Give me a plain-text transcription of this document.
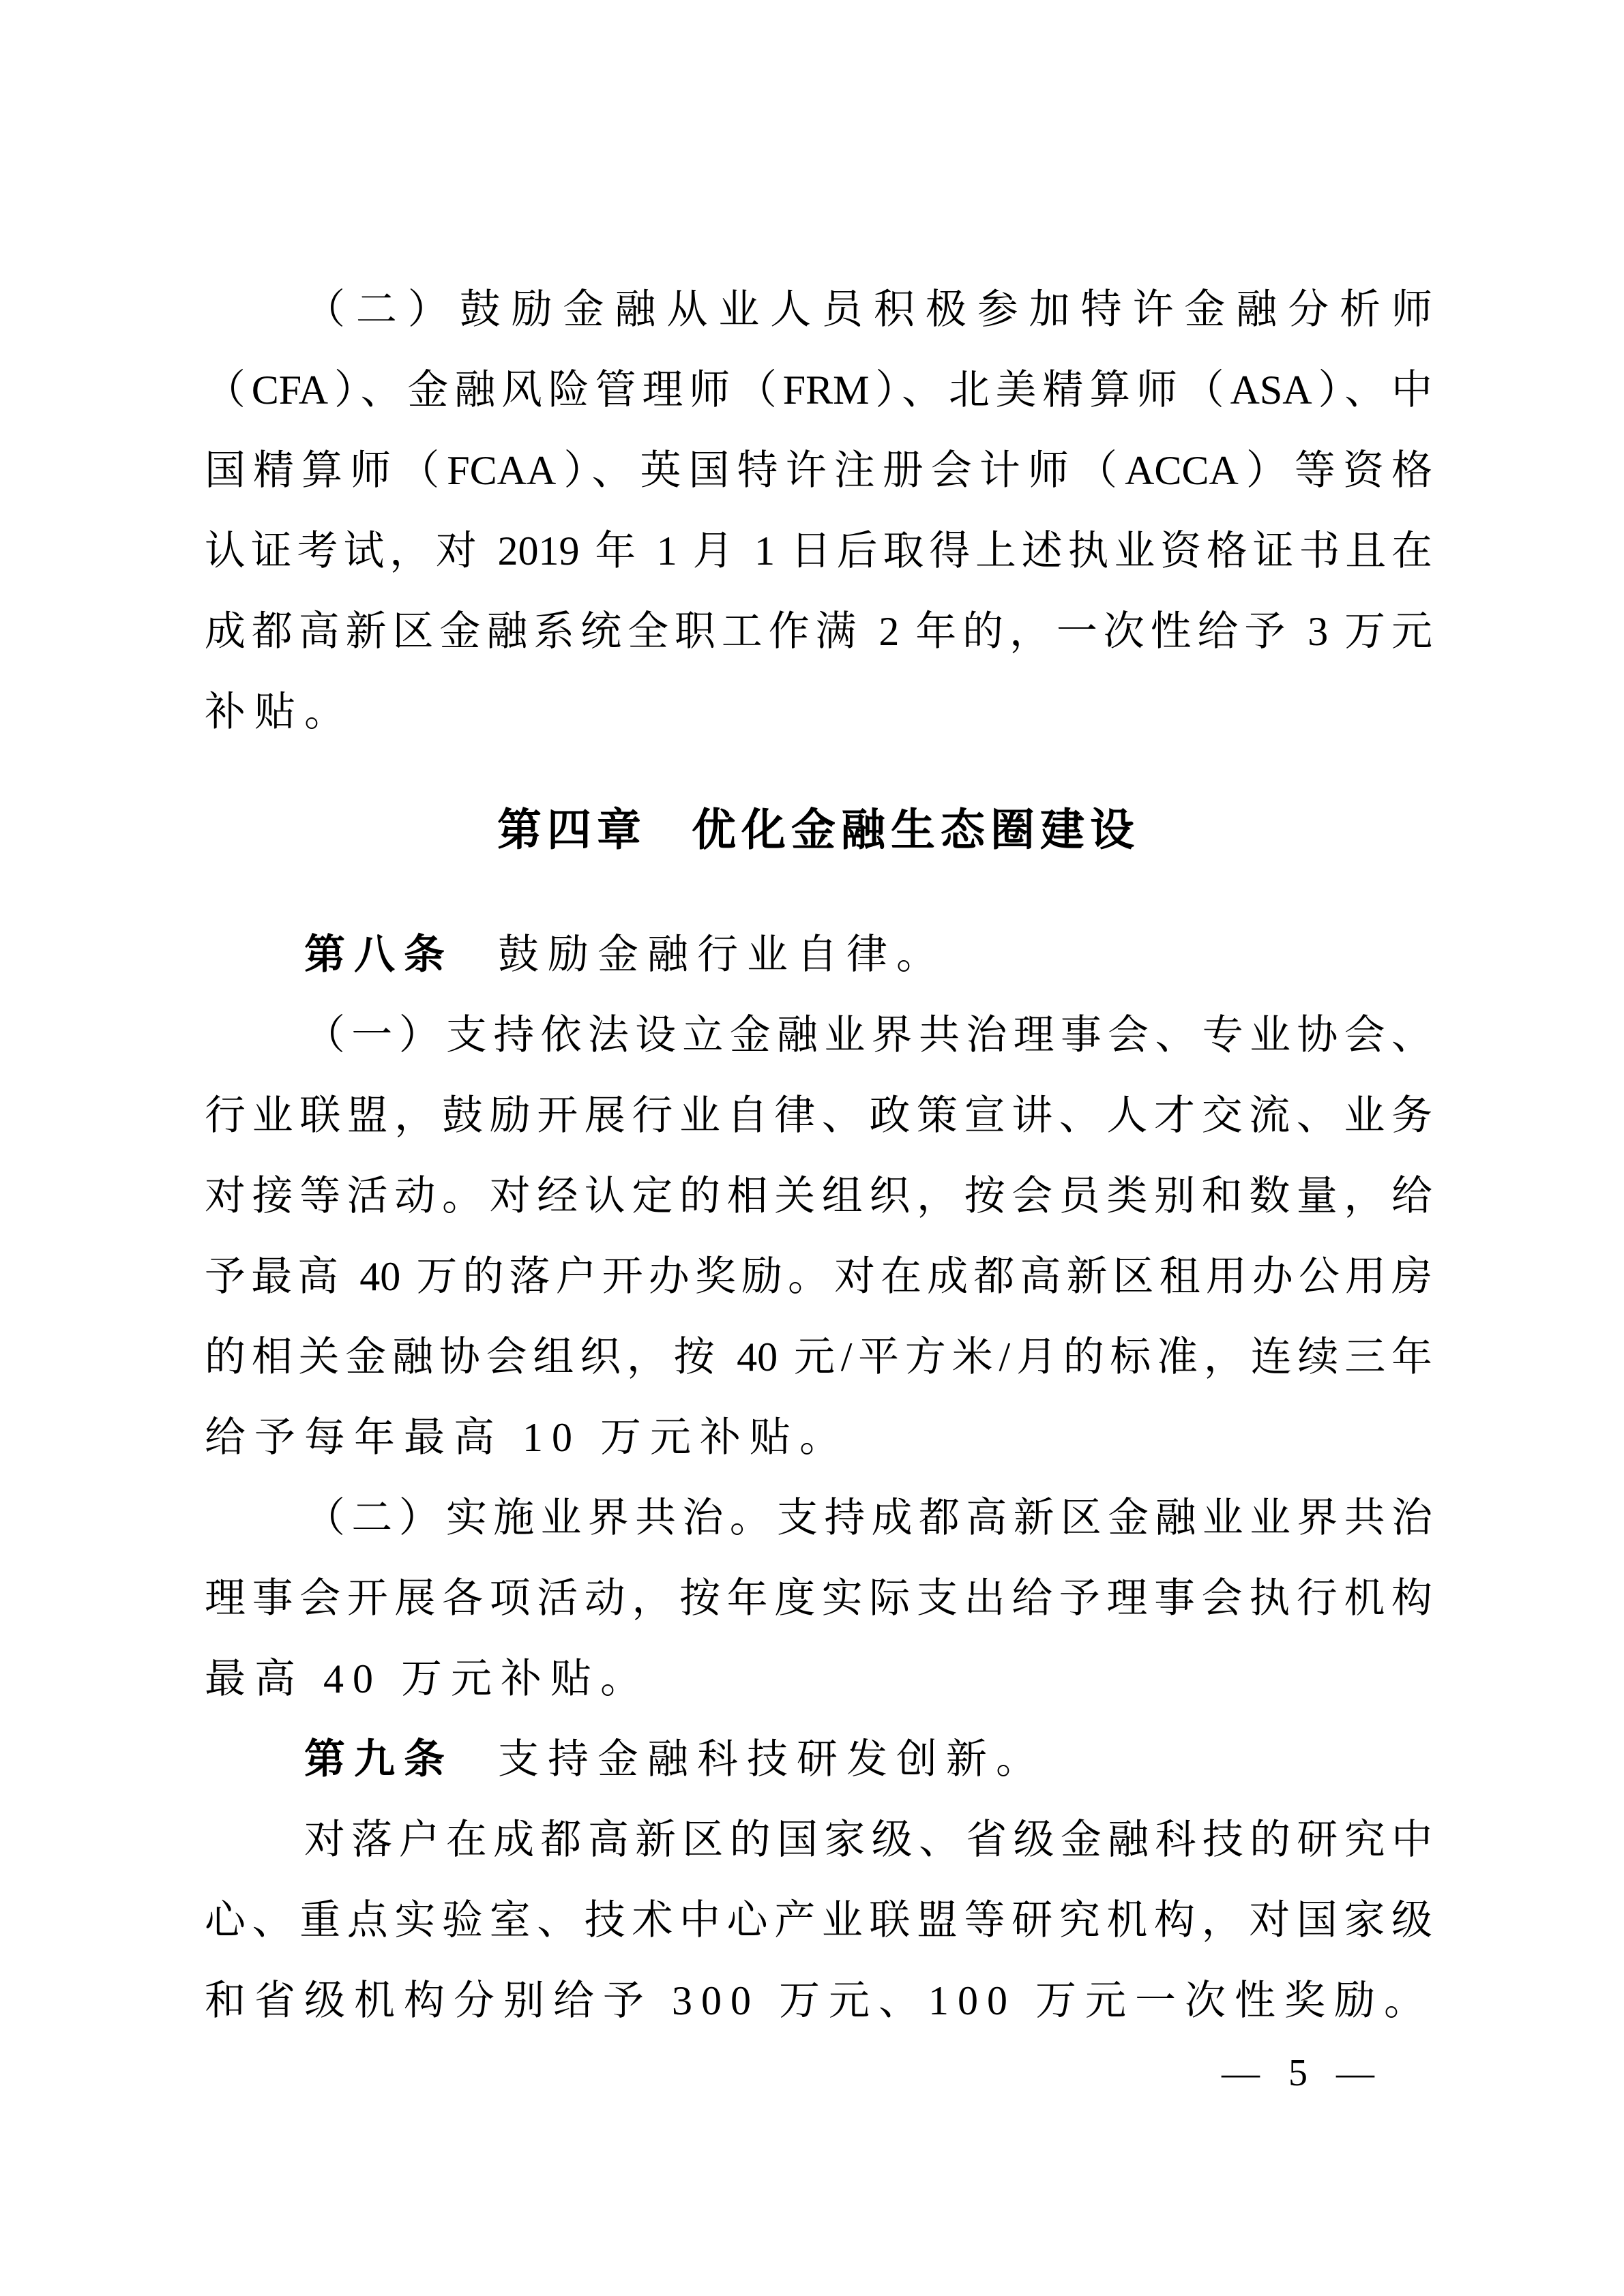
（二）鼓励金融从业人员积极参加特许金融分析师
（CFA）、金融风险管理师（FRM）、北美精算师（ASA）、中
国精算师（FCAA）、英国特许注册会计师（ACCA）等资格
认证考试，对 2019 年 1 月 1 日后取得上述执业资格证书且在
成都高新区金融系统全职工作满 2 年的，一次性给予 3 万元
补贴。
第四章 优化金融生态圈建设
第八条 鼓励金融行业自律。
（一）支持依法设立金融业界共治理事会、专业协会、
行业联盟，鼓励开展行业自律、政策宣讲、人才交流、业务
对接等活动。对经认定的相关组织，按会员类别和数量，给
予最高 40 万的落户开办奖励。对在成都高新区租用办公用房
的相关金融协会组织，按 40 元/平方米/月的标准，连续三年
给予每年最高 10 万元补贴。
（二）实施业界共治。支持成都高新区金融业业界共治
理事会开展各项活动，按年度实际支出给予理事会执行机构
最高 40 万元补贴。
第九条 支持金融科技研发创新。
对落户在成都高新区的国家级、省级金融科技的研究中
心、重点实验室、技术中心产业联盟等研究机构，对国家级
和省级机构分别给予 300 万元、100 万元一次性奖励。
— 5 —
